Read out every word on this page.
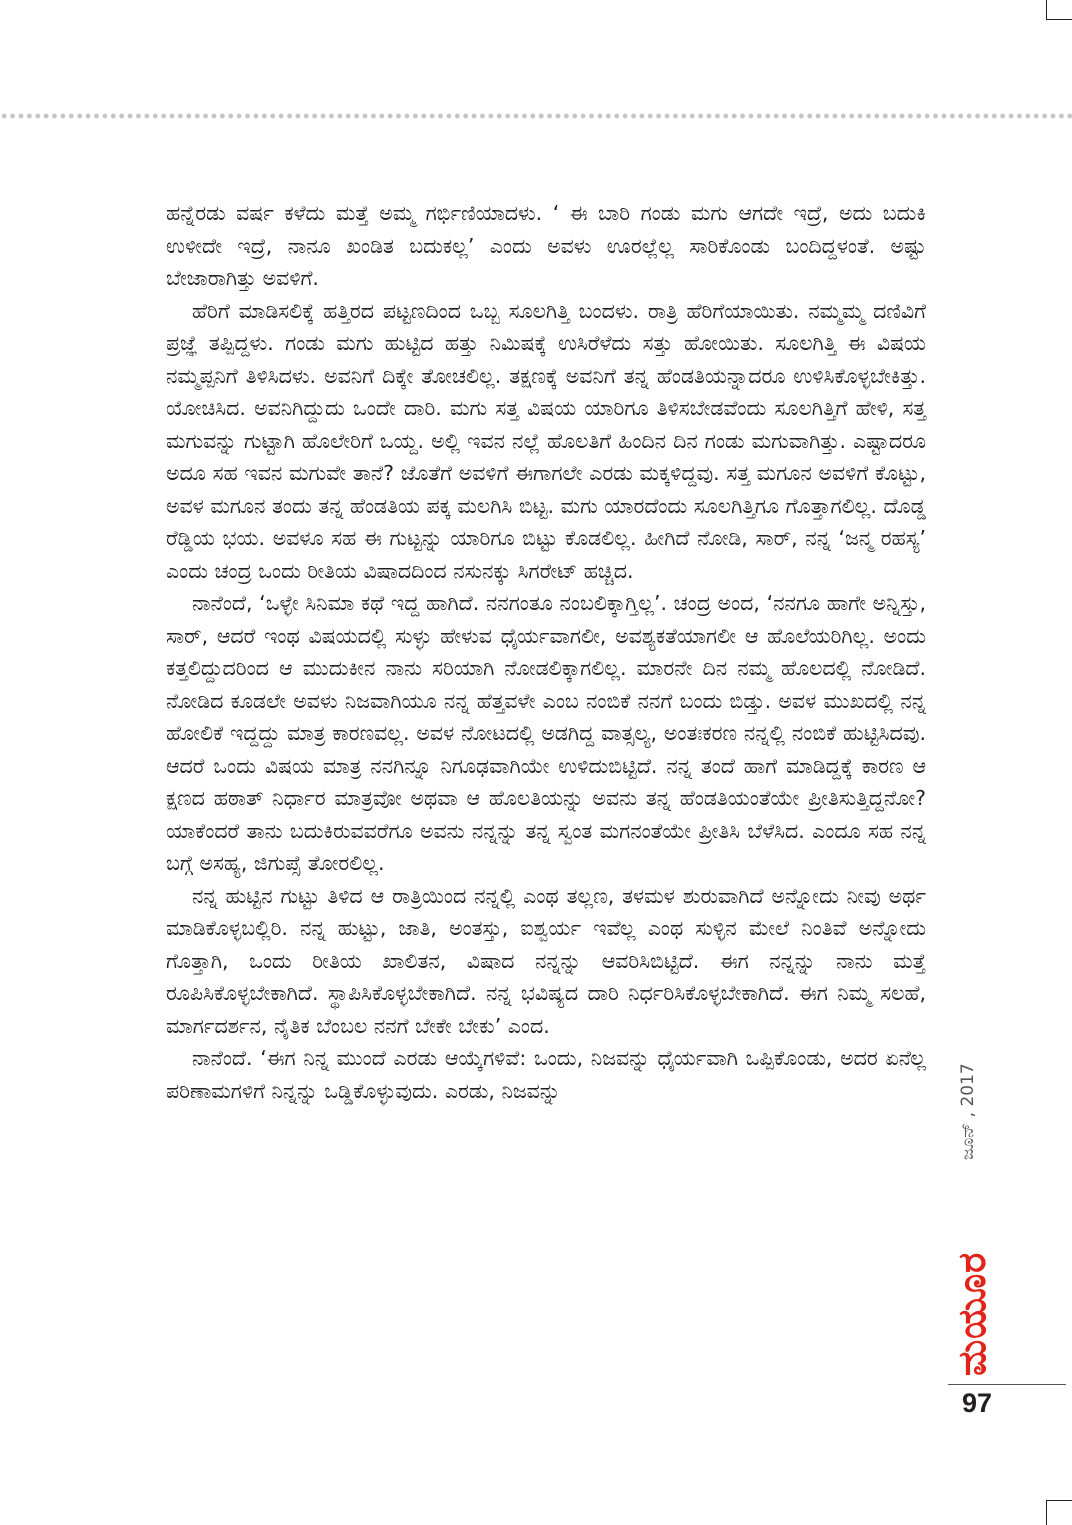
ಹನ್ನೆರಡು ವರ್ಷ ಕಳೆದು ಮತ್ತೆ ಅಮ್ಮ ಗರ್ಭಿಣಿಯಾದಳು. ‘ ಈ ಬಾರಿ ಗಂಡು ಮಗು ಆಗದೇ ಇದ್ರೆ, ಅದು ಬದುಕಿ ಉಳೀದೇ ಇದ್ರೆ, ನಾನೂ ಖಂಡಿತ ಬದುಕಲ್ಲ’ ಎಂದು ಅವಳು ಊರಲ್ಲೆಲ್ಲ ಸಾರಿಕೊಂಡು ಬಂದಿದ್ದಳಂತೆ. ಅಷ್ಟು ಬೇಜಾರಾಗಿತ್ತು ಅವಳಿಗೆ.

ಹೆರಿಗೆ ಮಾಡಿಸಲಿಕ್ಕೆ ಹತ್ತಿರದ ಪಟ್ಟಣದಿಂದ ಒಬ್ಬ ಸೂಲಗಿತ್ತಿ ಬಂದಳು. ರಾತ್ರಿ ಹೆರಿಗೆಯಾಯಿತು. ನಮ್ಮಮ್ಮ ದಣಿವಿಗೆ ಪ್ರಜ್ಞೆ ತಪ್ಪಿದ್ದಳು. ಗಂಡು ಮಗು ಹುಟ್ಟಿದ ಹತ್ತು ನಿಮಿಷಕ್ಕೆ ಉಸಿರೆಳೆದು ಸತ್ತು ಹೋಯಿತು. ಸೂಲಗಿತ್ತಿ ಈ ವಿಷಯ ನಮ್ಮಪ್ಪನಿಗೆ ತಿಳಿಸಿದಳು. ಅವನಿಗೆ ದಿಕ್ಕೇ ತೋಚಲಿಲ್ಲ. ತಕ್ಷಣಕ್ಕೆ ಅವನಿಗೆ ತನ್ನ ಹೆಂಡತಿಯನ್ನಾದರೂ ಉಳಿಸಿಕೊಳ್ಳಬೇಕಿತ್ತು. ಯೋಚಿಸಿದ. ಅವನಿಗಿದ್ದುದು ಒಂದೇ ದಾರಿ. ಮಗು ಸತ್ತ ವಿಷಯ ಯಾರಿಗೂ ತಿಳಿಸಬೇಡವೆಂದು ಸೂಲಗಿತ್ತಿಗೆ ಹೇಳಿ, ಸತ್ತ ಮಗುವನ್ನು ಗುಟ್ಟಾಗಿ ಹೊಲೇರಿಗೆ ಒಯ್ದ. ಅಲ್ಲಿ ಇವನ ನಲ್ಲೆ ಹೊಲತಿಗೆ ಹಿಂದಿನ ದಿನ ಗಂಡು ಮಗುವಾಗಿತ್ತು. ಎಷ್ಟಾದರೂ ಅದೂ ಸಹ ಇವನ ಮಗುವೇ ತಾನೆ? ಜೊತೆಗೆ ಅವಳಿಗೆ ಈಗಾಗಲೇ ಎರಡು ಮಕ್ಕಳಿದ್ದವು. ಸತ್ತ ಮಗೂನ ಅವಳಿಗೆ ಕೊಟ್ಟು, ಅವಳ ಮಗೂನ ತಂದು ತನ್ನ ಹೆಂಡತಿಯ ಪಕ್ಕ ಮಲಗಿಸಿ ಬಿಟ್ಟ. ಮಗು ಯಾರದೆಂದು ಸೂಲಗಿತ್ತಿಗೂ ಗೊತ್ತಾಗಲಿಲ್ಲ. ದೊಡ್ಡ ರೆಡ್ಡಿಯ ಭಯ. ಅವಳೂ ಸಹ ಈ ಗುಟ್ಟನ್ನು ಯಾರಿಗೂ ಬಿಟ್ಟು ಕೊಡಲಿಲ್ಲ. ಹೀಗಿದೆ ನೋಡಿ, ಸಾರ್, ನನ್ನ ‘ಜನ್ಮ ರಹಸ್ಯ’ ಎಂದು ಚಂದ್ರ ಒಂದು ರೀತಿಯ ವಿಷಾದದಿಂದ ನಸುನಕ್ಕು ಸಿಗರೇಟ್ ಹಚ್ಚಿದ.

ನಾನೆಂದೆ, ‘ಒಳ್ಳೇ ಸಿನಿಮಾ ಕಥೆ ಇದ್ದ ಹಾಗಿದೆ. ನನಗಂತೂ ನಂಬಲಿಕ್ಕಾಗ್ತಿಲ್ಲ’. ಚಂದ್ರ ಅಂದ, ‘ನನಗೂ ಹಾಗೇ ಅನ್ನಿಸ್ತು, ಸಾರ್, ಆದರೆ ಇಂಥ ವಿಷಯದಲ್ಲಿ ಸುಳ್ಳು ಹೇಳುವ ಧೈರ್ಯವಾಗಲೀ, ಅವಶ್ಯಕತೆಯಾಗಲೀ ಆ ಹೊಲೆಯರಿಗಿಲ್ಲ. ಅಂದು ಕತ್ತಲಿದ್ದುದರಿಂದ ಆ ಮುದುಕೀನ ನಾನು ಸರಿಯಾಗಿ ನೋಡಲಿಕ್ಕಾಗಲಿಲ್ಲ. ಮಾರನೇ ದಿನ ನಮ್ಮ ಹೊಲದಲ್ಲಿ ನೋಡಿದೆ. ನೋಡಿದ ಕೂಡಲೇ ಅವಳು ನಿಜವಾಗಿಯೂ ನನ್ನ ಹೆತ್ತವಳೇ ಎಂಬ ನಂಬಿಕೆ ನನಗೆ ಬಂದು ಬಿಡ್ತು. ಅವಳ ಮುಖದಲ್ಲಿ ನನ್ನ ಹೋಲಿಕೆ ಇದ್ದದ್ದು ಮಾತ್ರ ಕಾರಣವಲ್ಲ. ಅವಳ ನೋಟದಲ್ಲಿ ಅಡಗಿದ್ದ ವಾತ್ಸಲ್ಯ, ಅಂತಃಕರಣ ನನ್ನಲ್ಲಿ ನಂಬಿಕೆ ಹುಟ್ಟಿಸಿದವು. ಆದರೆ ಒಂದು ವಿಷಯ ಮಾತ್ರ ನನಗಿನ್ನೂ ನಿಗೂಢವಾಗಿಯೇ ಉಳಿದುಬಿಟ್ಟಿದೆ. ನನ್ನ ತಂದೆ ಹಾಗೆ ಮಾಡಿದ್ದಕ್ಕೆ ಕಾರಣ ಆ ಕ್ಷಣದ ಹಠಾತ್ ನಿರ್ಧಾರ ಮಾತ್ರವೋ ಅಥವಾ ಆ ಹೊಲತಿಯನ್ನು ಅವನು ತನ್ನ ಹೆಂಡತಿಯಂತೆಯೇ ಪ್ರೀತಿಸುತ್ತಿದ್ದನೋ? ಯಾಕೆಂದರೆ ತಾನು ಬದುಕಿರುವವರೆಗೂ ಅವನು ನನ್ನನ್ನು ತನ್ನ ಸ್ವಂತ ಮಗನಂತೆಯೇ ಪ್ರೀತಿಸಿ ಬೆಳೆಸಿದ. ಎಂದೂ ಸಹ ನನ್ನ ಬಗ್ಗೆ ಅಸಹ್ಯ, ಜಿಗುಪ್ಸೆ ತೋರಲಿಲ್ಲ.

ನನ್ನ ಹುಟ್ಟಿನ ಗುಟ್ಟು ತಿಳಿದ ಆ ರಾತ್ರಿಯಿಂದ ನನ್ನಲ್ಲಿ ಎಂಥ ತಲ್ಲಣ, ತಳಮಳ ಶುರುವಾಗಿದೆ ಅನ್ನೋದು ನೀವು ಅರ್ಥ ಮಾಡಿಕೊಳ್ಳಬಲ್ಲಿರಿ. ನನ್ನ ಹುಟ್ಟು, ಜಾತಿ, ಅಂತಸ್ತು, ಐಶ್ವರ್ಯ ಇವೆಲ್ಲ ಎಂಥ ಸುಳ್ಳಿನ ಮೇಲೆ ನಿಂತಿವೆ ಅನ್ನೋದು ಗೊತ್ತಾಗಿ, ಒಂದು ರೀತಿಯ ಖಾಲಿತನ, ವಿಷಾದ ನನ್ನನ್ನು ಆವರಿಸಿಬಿಟ್ಟಿದೆ. ಈಗ ನನ್ನನ್ನು ನಾನು ಮತ್ತೆ ರೂಪಿಸಿಕೊಳ್ಳಬೇಕಾಗಿದೆ. ಸ್ಥಾಪಿಸಿಕೊಳ್ಳಬೇಕಾಗಿದೆ. ನನ್ನ ಭವಿಷ್ಯದ ದಾರಿ ನಿರ್ಧರಿಸಿಕೊಳ್ಳಬೇಕಾಗಿದೆ. ಈಗ ನಿಮ್ಮ ಸಲಹೆ, ಮಾರ್ಗದರ್ಶನ, ನೈತಿಕ ಬೆಂಬಲ ನನಗೆ ಬೇಕೇ ಬೇಕು’ ಎಂದ.

ನಾನೆಂದೆ. ‘ಈಗ ನಿನ್ನ ಮುಂದೆ ಎರಡು ಆಯ್ಕೆಗಳಿವೆ: ಒಂದು, ನಿಜವನ್ನು ಧೈರ್ಯವಾಗಿ ಒಪ್ಪಿಕೊಂಡು, ಅದರ ಏನೆಲ್ಲ ಪರಿಣಾಮಗಳಿಗೆ ನಿನ್ನನ್ನು ಒಡ್ಡಿಕೊಳ್ಳುವುದು. ಎರಡು, ನಿಜವನ್ನು	ಜೂನ್ , 2017
ಮಯೂರ
97
